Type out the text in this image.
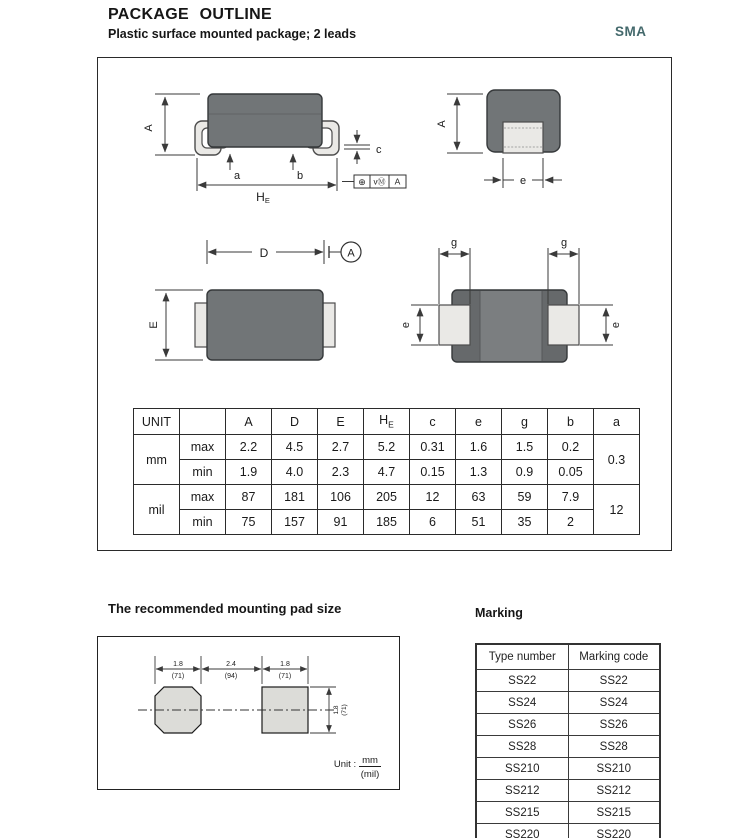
PACKAGE OUTLINE
Plastic surface mounted package; 2 leads	SMA
A
a	b
HE
c
⊕ vⓂ A
A
e
D	A
E
g	g
e	e
UNIT		A	D	E	$H_E$	c	e	g	b	a
mm	max	2.2	4.5	2.7	5.2	0.31	1.6	1.5	0.2	0.3
	min	1.9	4.0	2.3	4.7	0.15	1.3	0.9	0.05	
mil	max	87	181	106	205	12	63	59	7.9	12
	min	75	157	91	185	6	51	35	2	
The recommended mounting pad size
1.8
(71)
2.4
(94)
1.8
(71)
1.8 (71)
Unit : mm
(mil)
Marking
Type number	Marking code
SS22	SS22
SS24	SS24
SS26	SS26
SS28	SS28
SS210	SS210
SS212	SS212
SS215	SS215
SS220	SS220
